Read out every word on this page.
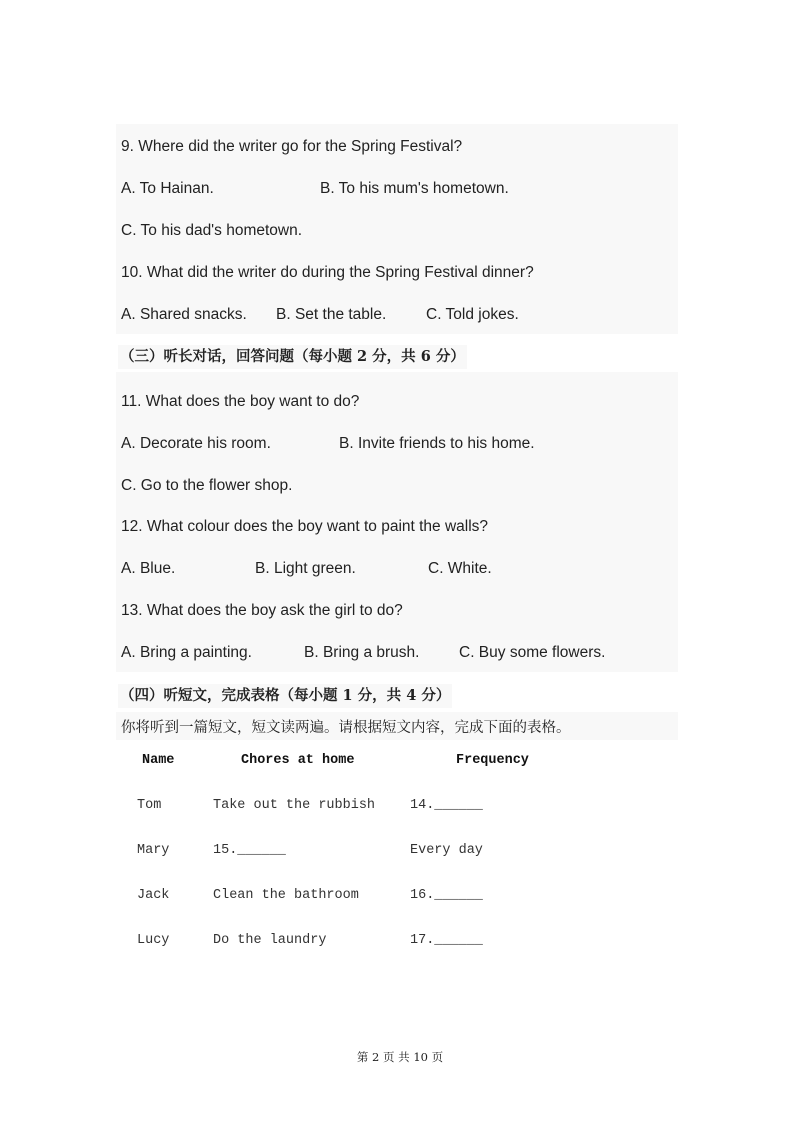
9. Where did the writer go for the Spring Festival?
A. To Hainan.	B. To his mum's hometown.
C. To his dad's hometown.
10. What did the writer do during the Spring Festival dinner?
A. Shared snacks. B. Set the table.	C. Told jokes.
（三）听长对话，回答问题（每小题 2 分，共 6 分）
11. What does the boy want to do?
A. Decorate his room.	B. Invite friends to his home.
C. Go to the flower shop.
12. What colour does the boy want to paint the walls?
A. Blue.	B. Light green.	C. White.
13. What does the boy ask the girl to do?
A. Bring a painting.	B. Bring a brush.	C. Buy some flowers.
（四）听短文，完成表格（每小题 1 分，共 4 分）
你将听到一篇短文，短文读两遍。请根据短文内容，完成下面的表格。
Name	Chores at home	Frequency
Tom	Take out the rubbish	14.______
Mary	15.______	Every day
Jack	Clean the bathroom	16.______
Lucy	Do the laundry	17.______
第 2 页 共 10 页
